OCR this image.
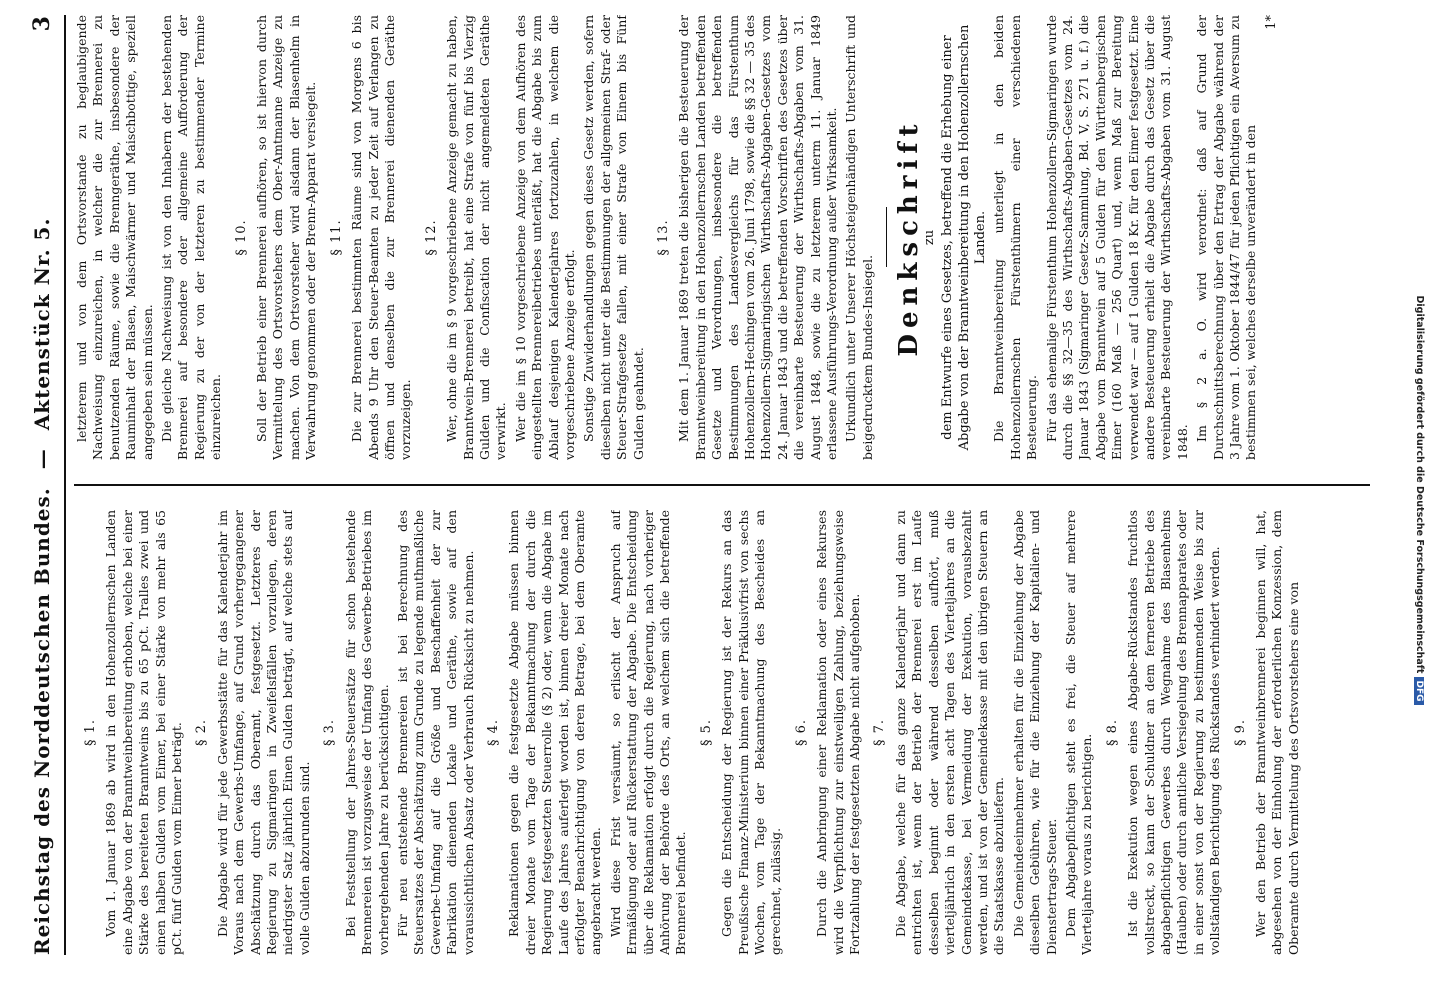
Reichstag des Norddeutschen Bundes. — Aktenstück Nr. 5.
3
§ 1. Vom 1. Januar 1869 ab wird in den Hohenzollernschen Landen eine Abgabe von der Branntweinbereitung erhoben, welche bei einer Stärke des bereiteten Branntweins bis zu 65 pCt. Tralles zwei und einen halben Gulden vom Eimer, bei einer Stärke von mehr als 65 pCt. fünf Gulden vom Eimer beträgt. § 2. Die Abgabe wird für jede Gewerbsstätte für das Kalenderjahr im Voraus nach dem Gewerbs-Umfange, auf Grund vorhergegangener Abschätzung durch das Oberamt, festgesetzt. Letzteres der Regierung zu Sigmaringen in Zweifelsfällen vorzulegen, deren niedrigster Satz jährlich Einen Gulden beträgt, auf welche stets auf volle Gulden abzurunden sind.
§ 3. Bei Feststellung der Jahres-Steuersätze für schon bestehende Brennereien ist vorzugsweise der Umfang des Gewerbe-Betriebes im vorhergehenden Jahre zu berücksichtigen. Für neu entstehende Brennereien ist bei Berechnung des Steuersatzes der Abschätzung zum Grunde zu legende muthmaßliche Gewerbe-Umfang auf die Größe und Beschaffenheit der zur Fabrikation dienenden Lokale und Geräthe, sowie auf den voraussichtlichen Absatz oder Verbrauch Rücksicht zu nehmen. § 4. Reklamationen gegen die festgesetzte Abgabe müssen binnen dreier Monate vom Tage der Bekanntmachung der durch die Regierung festgesetzten Steuerrolle (§ 2) oder, wenn die Abgabe im Laufe des Jahres auferlegt worden ist, binnen dreier Monate nach erfolgter Benachrichtigung von deren Betrage, bei dem Oberamte angebracht werden. Wird diese Frist versäumt, so erlischt der Anspruch auf Ermäßigung oder auf Rückerstattung der Abgabe. Die Entscheidung über die Reklamation erfolgt durch die Regierung, nach vorheriger Anhörung der Behörde des Orts, an welchem sich die betreffende Brennerei befindet.
§ 5. Gegen die Entscheidung der Regierung ist der Rekurs an das Preußische Finanz-Ministerium binnen einer Präklusivfrist von sechs Wochen, vom Tage der Bekanntmachung des Bescheides an gerechnet, zulässig.
§ 6. Durch die Anbringung einer Reklamation oder eines Rekurses wird die Verpflichtung zur einstweiligen Zahlung, beziehungsweise Fortzahlung der festgesetzten Abgabe nicht aufgehoben. § 7. Die Abgabe, welche für das ganze Kalenderjahr und dann zu entrichten ist, wenn der Betrieb der Brennerei erst im Laufe desselben beginnt oder während desselben aufhört, muß vierteljährlich in den ersten acht Tagen des Vierteljahres an die Gemeindekasse, bei Vermeidung der Exekution, vorausbezahlt werden, und ist von der Gemeindekasse mit den übrigen Steuern an die Staatskasse abzuliefern. Die Gemeindeeinnehmer erhalten für die Einziehung der Abgabe dieselben Gebühren, wie für die Einziehung der Kapitalien- und Dienstertrags-Steuer. Dem Abgabepflichtigen steht es frei, die Steuer auf mehrere Vierteljahre voraus zu berichtigen.
§ 8. Ist die Exekution wegen eines Abgabe-Rückstandes fruchtlos vollstreckt, so kann der Schuldner an dem ferneren Betriebe des abgabepflichtigen Gewerbes durch Wegnahme des Blasenhelms (Hauben) oder durch amtliche Versiegelung des Brennapparates oder in einer sonst von der Regierung zu bestimmenden Weise bis zur vollständigen Berichtigung des Rückstandes verhindert werden. § 9. Wer den Betrieb der Branntweinbrennerei beginnen will, hat, abgesehen von der Einholung der erforderlichen Konzession, dem Oberamte durch Vermittelung des Ortsvorstehers eine von
letzterem und von dem Ortsvorstande zu beglaubigende Nachweisung einzureichen, in welcher die zur Brennerei zu benutzenden Räume, sowie die Brenngeräthe, insbesondere der Rauminhalt der Blasen, Maischwärmer und Maischbottige, speziell angegeben sein müssen. Die gleiche Nachweisung ist von den Inhabern der bestehenden Brennerei auf besondere oder allgemeine Aufforderung der Regierung zu der von der letzteren zu bestimmender Termine einzureichen.
§ 10. Soll der Betrieb einer Brennerei aufhören, so ist hiervon durch Vermittelung des Ortsvorstehers dem Ober-Amtmanne Anzeige zu machen. Von dem Ortsvorsteher wird alsdann der Blasenhelm in Verwahrung genommen oder der Brenn-Apparat versiegelt. § 11. Die zur Brennerei bestimmten Räume sind von Morgens 6 bis Abends 9 Uhr den Steuer-Beamten zu jeder Zeit auf Verlangen zu öffnen und denselben die zur Brennerei dienenden Geräthe vorzuzeigen.
§ 12. Wer, ohne die im § 9 vorgeschriebene Anzeige gemacht zu haben, Branntwein-Brennerei betreibt, hat eine Strafe von fünf bis Vierzig Gulden und die Confiscation der nicht angemeldeten Geräthe verwirkt. Wer die im § 10 vorgeschriebene Anzeige von dem Aufhören des eingestellten Brennereibetriebes unterläßt, hat die Abgabe bis zum Ablauf desjenigen Kalenderjahres fortzuzahlen, in welchem die vorgeschriebene Anzeige erfolgt. Sonstige Zuwiderhandlungen gegen dieses Gesetz werden, sofern dieselben nicht unter die Bestimmungen der allgemeinen Straf- oder Steuer-Strafgesetze fallen, mit einer Strafe von Einem bis Fünf Gulden geahndet.
§ 13. Mit dem 1. Januar 1869 treten die bisherigen die Besteuerung der Branntweinbereitung in den Hohenzollernschen Landen betreffenden Gesetze und Verordnungen, insbesondere die betreffenden Bestimmungen des Landesvergleichs für das Fürstenthum Hohenzollern-Hechingen vom 26. Juni 1798, sowie die §§ 32 — 35 des Hohenzollern-Sigmaringischen Wirthschafts-Abgaben-Gesetzes vom 24. Januar 1843 und die betreffenden Vorschriften des Gesetzes über die vereinbarte Besteuerung der Wirthschafts-Abgaben vom 31. August 1848, sowie die zu letzterem unterm 11. Januar 1849 erlassene Ausführungs-Verordnung außer Wirksamkeit. Urkundlich unter Unserer Höchsteigenhändigen Unterschrift und beigedrucktem Bundes-Insiegel.
Denkschrift
zu dem Entwurfe eines Gesetzes, betreffend die Erhebung einer Abgabe von der Branntweinbereitung in den Hohenzollernschen Landen. Die Branntweinbereitung unterliegt in den beiden Hohenzollernschen Fürstenthümern einer verschiedenen Besteuerung. Für das ehemalige Fürstenthum Hohenzollern-Sigmaringen wurde durch die §§ 32—35 des Wirthschafts-Abgaben-Gesetzes vom 24. Januar 1843 (Sigmaringer Gesetz-Sammlung, Bd. V, S. 271 u. f.) die Abgabe vom Branntwein auf 5 Gulden für den Württembergischen Eimer (160 Maß — 256 Quart) und, wenn Maß zur Bereitung verwendet war — auf 1 Gulden 18 Kr. für den Eimer festgesetzt. Eine andere Besteuerung erhielt die Abgabe durch das Gesetz über die vereinbarte Besteuerung der Wirthschafts-Abgaben vom 31. August 1848.
Im § 2 a. O. wird verordnet: daß auf Grund der Durchschnittsberechnung über den Ertrag der Abgabe während der 3 Jahre vom 1. Oktober 1844/47 für jeden Pflichtigen ein Aversum zu bestimmen sei, welches derselbe unverändert in den
1*
Digitalisierung gefördert durch die Deutsche ForschungsgemeinschaftDFG
